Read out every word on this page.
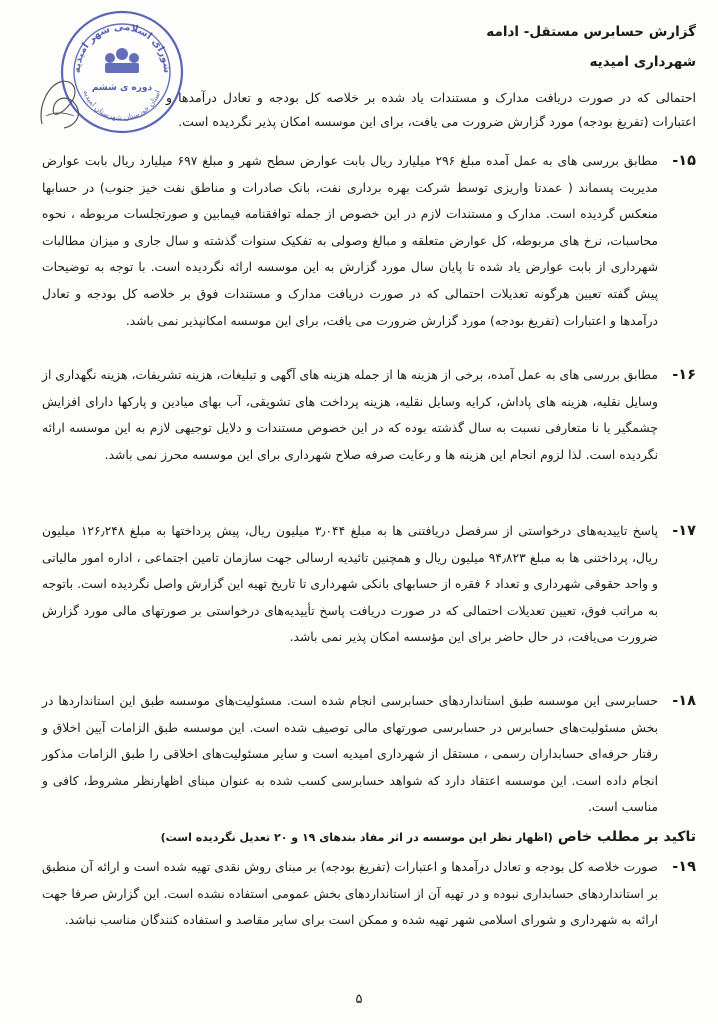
شورای اسلامی شهر امیدیه
استان خوزستان شهرستان امیدیه
دوره ی ششم
گزارش حسابرس مستقل- ادامه
شهرداری امیدیه
احتمالی که در صورت دریافت مدارک و مستندات یاد شده بر خلاصه کل بودجه و تعادل درآمدها و اعتبارات (تفریغ بودجه) مورد گزارش ضرورت می یافت، برای این موسسه امکان پذیر نگردیده است.
۱۵-
مطابق بررسی های به عمل آمده مبلغ ۲۹۶ میلیارد ریال بابت عوارض سطح شهر و مبلغ ۶۹۷ میلیارد ریال بابت عوارض مدیریت پسماند ( عمدتا واریزی توسط شرکت بهره برداری نفت، بانک صادرات و مناطق نفت خیز جنوب) در حسابها منعکس گردیده است. مدارک و مستندات لازم در این خصوص از جمله توافقنامه فیمابین و صورتجلسات مربوطه ، نحوه محاسبات، نرخ های مربوطه، کل عوارض متعلقه و مبالغ وصولی به تفکیک سنوات گذشته و سال جاری و میزان مطالبات شهرداری از بابت عوارض یاد شده تا پایان سال مورد گزارش به این موسسه ارائه نگردیده است. با توجه به توضیحات پیش گفته تعیین هرگونه تعدیلات احتمالی که در صورت دریافت مدارک و مستندات فوق بر خلاصه کل بودجه و تعادل درآمدها و اعتبارات (تفریغ بودجه) مورد گزارش ضرورت می یافت، برای این موسسه امکانپذیر نمی باشد.
۱۶-
مطابق بررسی های به عمل آمده، برخی از هزینه ها از جمله هزینه های آگهی و تبلیغات، هزینه تشریفات، هزینه نگهداری از وسایل نقلیه، هزینه های پاداش، کرایه وسایل نقلیه، هزینه پرداخت های تشویقی، آب بهای میادین و پارکها دارای افزایش چشمگیر یا نا متعارفی نسبت به سال گذشته بوده که در این خصوص مستندات و دلایل توجیهی لازم به این موسسه ارائه نگردیده است. لذا لزوم انجام این هزینه ها و رعایت صرفه صلاح شهرداری برای این موسسه محرز نمی باشد.
۱۷-
پاسخ تاییدیه‌های درخواستی از سرفصل دریافتنی ها به مبلغ ۳٫۰۴۴ میلیون ریال، پیش پرداختها به مبلغ ۱۲۶٫۲۴۸ میلیون ریال، پرداختنی ها به مبلغ ۹۴٫۸۲۳ میلیون ریال و همچنین تائیدیه ارسالی جهت سازمان تامین اجتماعی ، اداره امور مالیاتی و واحد حقوقی شهرداری و تعداد ۶ فقره از حسابهای بانکی شهرداری تا تاریخ تهیه این گزارش واصل نگردیده است. باتوجه به مراتب فوق، تعیین تعدیلات احتمالی که در صورت دریافت پاسخ تأییدیه‌های درخواستی بر صورتهای مالی مورد گزارش ضرورت می‌یافت، در حال حاضر برای این مؤسسه امکان پذیر نمی باشد.
۱۸-
حسابرسی این موسسه طبق استانداردهای حسابرسی انجام شده است. مسئولیت‌های موسسه طبق این استانداردها در بخش مسئولیت‌های حسابرس در حسابرسی صورتهای مالی توصیف شده است. این موسسه طبق الزامات آیین اخلاق و رفتار حرفه‌ای حسابداران رسمی ، مستقل از شهرداری امیدیه است و سایر مسئولیت‌های اخلاقی را طبق الزامات مذکور انجام داده است. این موسسه اعتقاد دارد که شواهد حسابرسی کسب شده به عنوان مبنای اظهارنظر مشروط، کافی و مناسب است.
تاکید بر مطلب خاص (اظهار نظر این موسسه در اثر مفاد بندهای ۱۹ و ۲۰ تعدیل نگردیده است)
۱۹-
صورت خلاصه کل بودجه و تعادل درآمدها و اعتبارات (تفریغ بودجه) بر مبنای روش نقدی تهیه شده است و ارائه آن منطبق بر استانداردهای حسابداری نبوده و در تهیه آن از استانداردهای بخش عمومی استفاده نشده است. این گزارش صرفا جهت ارائه به شهرداری و شورای اسلامی شهر تهیه شده و ممکن است برای سایر مقاصد و استفاده کنندگان مناسب نباشد.
۵
